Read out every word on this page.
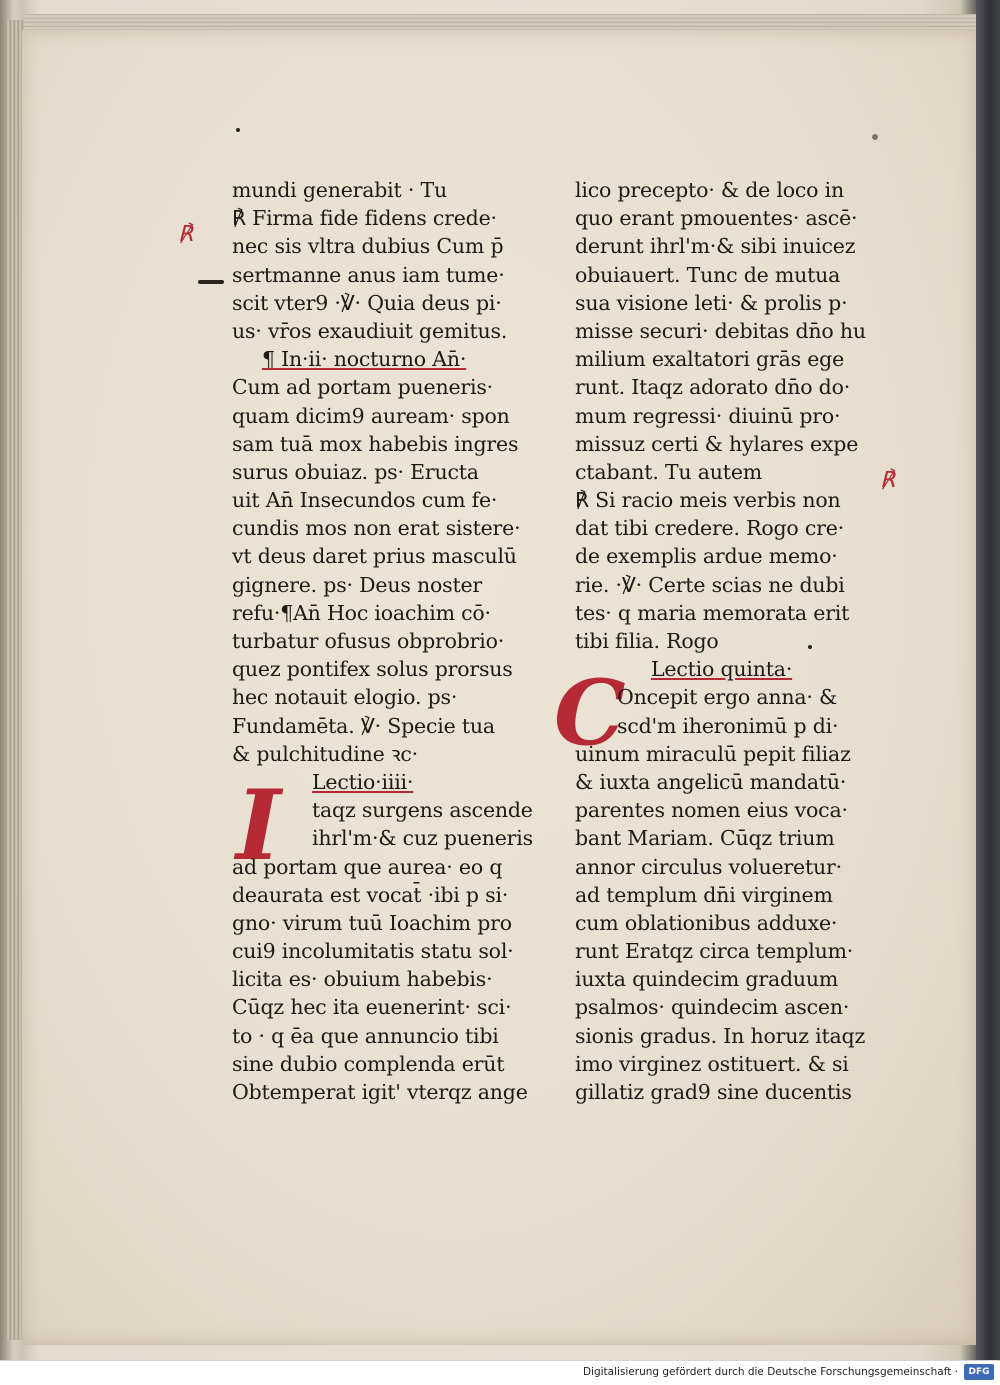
℟
℟
I
C
mundi generabit · Tu
℟ Firma fide fidens crede·
nec sis vltra dubius Cum p̄
sertmanne anus iam tume·
scit vter9 ·℣· Quia deus pi·
us· vr̄os exaudiuit gemitus.
¶ In·ii· nocturno An̄·
Cum ad portam pueneris·
quam dicim9 auream· spon
sam tuā mox habebis ingres
surus obuiaz. ps· Eructa
uit An̄ Insecundos cum fe·
cundis mos non erat sistere·
vt deus daret prius masculū
gignere. ps· Deus noster
refu·¶An̄ Hoc ioachim cō·
turbatur ofusus obprobrio·
quez pontifex solus prorsus
hec notauit elogio. ps·
Fundamēta. ℣· Specie tua
& pulchitudine ꝛc·
Lectio·iiii·
taqz surgens ascende
ihrl'm·& cuz pueneris
ad portam que aurea· eo q
deaurata est vocat̄ ·ibi p si·
gno· virum tuū Ioachim pro
cui9 incolumitatis statu sol·
licita es· obuium habebis·
Cūqz hec ita euenerint· sci·
to · q ēa que annuncio tibi
sine dubio complenda erūt
Obtemperat igit' vterqz ange
lico precepto· & de loco in
quo erant pmouentes· ascē·
derunt ihrl'm·& sibi inuicez
obuiauert. Tunc de mutua
sua visione leti· & prolis p·
misse securi· debitas dn̄o hu
milium exaltatori grās ege
runt. Itaqz adorato dn̄o do·
mum regressi· diuinū pro·
missuz certi & hylares expe
ctabant. Tu autem
℟ Si racio meis verbis non
dat tibi credere. Rogo cre·
de exemplis ardue memo·
rie. ·℣· Certe scias ne dubi
tes· q maria memorata erit
tibi filia. Rogo
Lectio quinta·
Oncepit ergo anna· &
scd'm iheronimū p di·
uinum miraculū pepit filiaz
& iuxta angelicū mandatū·
parentes nomen eius voca·
bant Mariam. Cūqz trium
annor circulus volueretur·
ad templum dn̄i virginem
cum oblationibus adduxe·
runt Eratqz circa templum·
iuxta quindecim graduum
psalmos· quindecim ascen·
sionis gradus. In horuz itaqz
imo virginez ostituert. & si
gillatiz grad9 sine ducentis
Digitalisierung gefördert durch die Deutsche Forschungsgemeinschaft ·	DFG
